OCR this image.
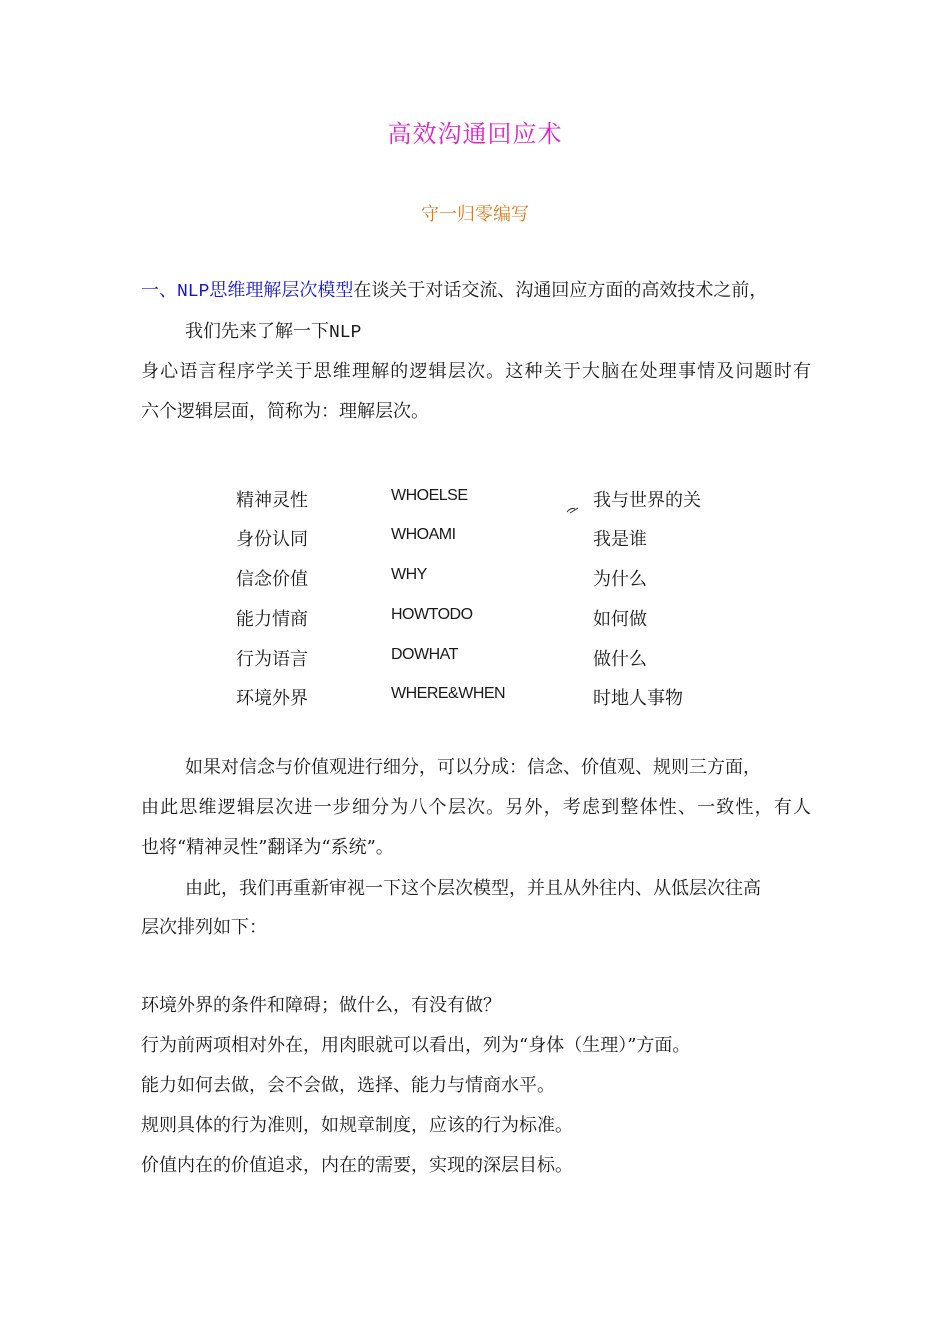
高效沟通回应术
守一归零编写
一、NLP思维理解层次模型在谈关于对话交流、沟通回应方面的高效技术之前，
我们先来了解一下NLP
身心语言程序学关于思维理解的逻辑层次。这种关于大脑在处理事情及问题时有
六个逻辑层面，简称为：理解层次。
精神灵性	WHOELSE	我与世界的关
身份认同	WHOAMI	我是谁
信念价值	WHY	为什么
能力情商	HOWTODO	如何做
行为语言	DOWHAT	做什么
环境外界	WHERE&WHEN	时地人事物
如果对信念与价值观进行细分，可以分成：信念、价值观、规则三方面，
由此思维逻辑层次进一步细分为八个层次。另外，考虑到整体性、一致性，有人
也将“精神灵性”翻译为“系统”。
由此，我们再重新审视一下这个层次模型，并且从外往内、从低层次往高
层次排列如下：
环境外界的条件和障碍；做什么，有没有做？
行为前两项相对外在，用肉眼就可以看出，列为“身体（生理）”方面。
能力如何去做，会不会做，选择、能力与情商水平。
规则具体的行为准则，如规章制度，应该的行为标准。
价值内在的价值追求，内在的需要，实现的深层目标。
